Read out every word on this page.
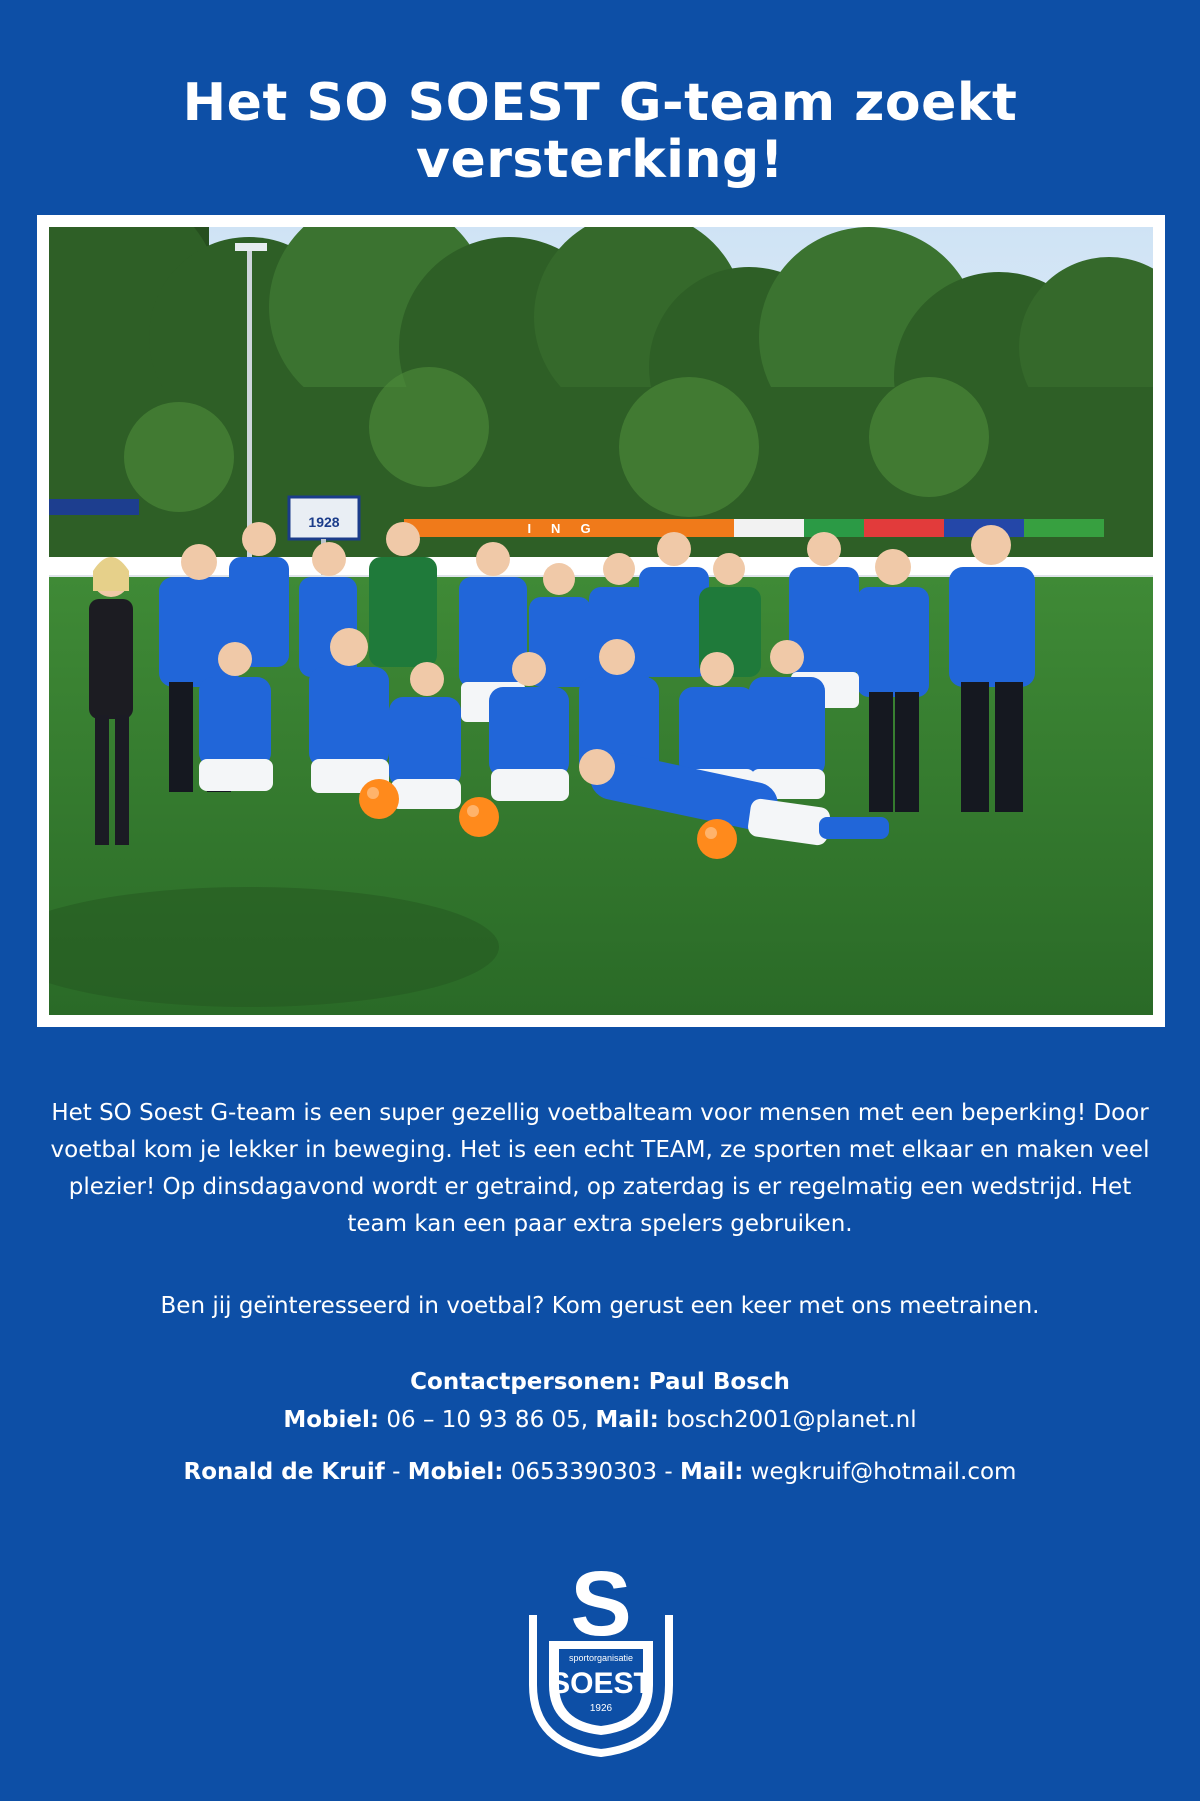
Het SO SOEST G-team zoekt versterking!
1928	ING

Het SO Soest G-team is een super gezellig voetbalteam voor mensen met een beperking! Door voetbal kom je lekker in beweging. Het is een echt TEAM, ze sporten met elkaar en maken veel plezier! Op dinsdagavond wordt er getraind, op zaterdag is er regelmatig een wedstrijd. Het team kan een paar extra spelers gebruiken.

Ben jij geïnteresseerd in voetbal? Kom gerust een keer met ons meetrainen.
Contactpersonen: Paul Bosch
Mobiel: 06 – 10 93 86 05, Mail: bosch2001@planet.nl
Ronald de Kruif - Mobiel: 0653390303 - Mail: wegkruif@hotmail.com
S
sportorganisatie
SOEST
1926
